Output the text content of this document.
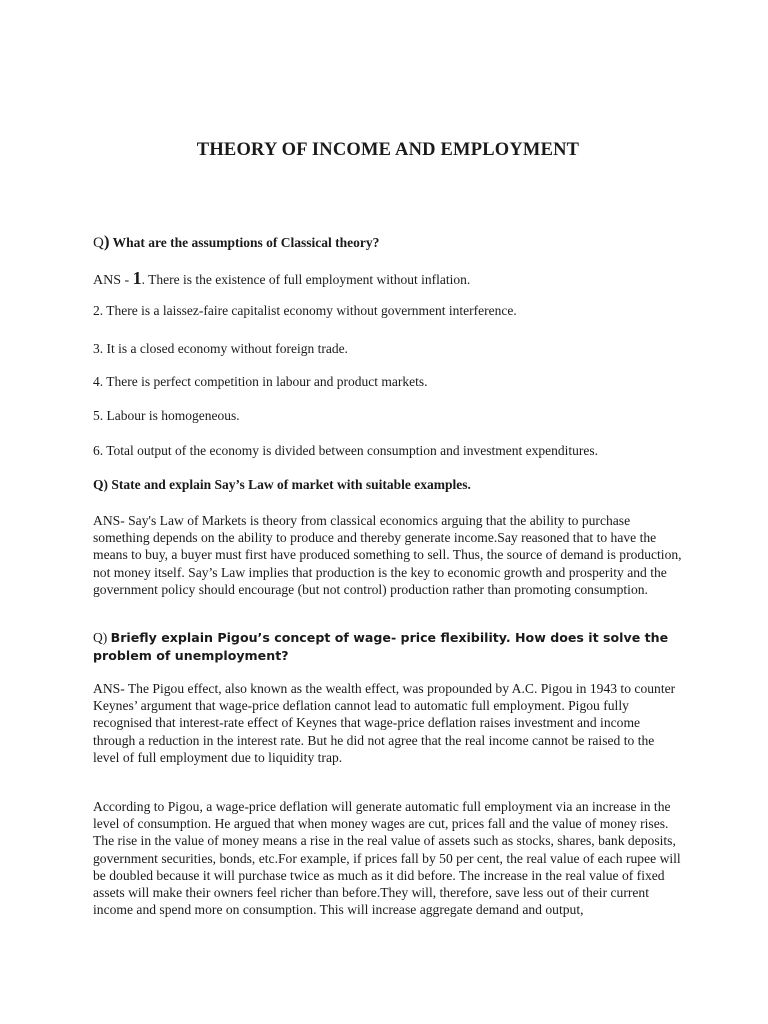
THEORY OF INCOME AND EMPLOYMENT
Q) What are the assumptions of Classical theory?
ANS - 1. There is the existence of full employment without inflation.
2. There is a laissez-faire capitalist economy without government interference.
3. It is a closed economy without foreign trade.
4. There is perfect competition in labour and product markets.
5. Labour is homogeneous.
6. Total output of the economy is divided between consumption and investment expenditures.
Q) State and explain Say’s Law of market with suitable examples.
ANS- Say's Law of Markets is theory from classical economics arguing that the ability to purchase something depends on the ability to produce and thereby generate income.Say reasoned that to have the means to buy, a buyer must first have produced something to sell. Thus, the source of demand is production, not money itself. Say’s Law implies that production is the key to economic growth and prosperity and the government policy should encourage (but not control) production rather than promoting consumption.
Q) Briefly explain Pigou’s concept of wage- price flexibility. How does it solve the problem of unemployment?
ANS- The Pigou effect, also known as the wealth effect, was propounded by A.C. Pigou in 1943 to counter Keynes’ argument that wage-price deflation cannot lead to automatic full employment. Pigou fully recognised that interest-rate effect of Keynes that wage-price deflation raises investment and income through a reduction in the interest rate. But he did not agree that the real income cannot be raised to the level of full employment due to liquidity trap.
According to Pigou, a wage-price deflation will generate automatic full employment via an increase in the level of consumption. He argued that when money wages are cut, prices fall and the value of money rises. The rise in the value of money means a rise in the real value of assets such as stocks, shares, bank deposits, government securities, bonds, etc.For example, if prices fall by 50 per cent, the real value of each rupee will be doubled because it will purchase twice as much as it did before. The increase in the real value of fixed assets will make their owners feel richer than before.They will, therefore, save less out of their current income and spend more on consumption. This will increase aggregate demand and output,
